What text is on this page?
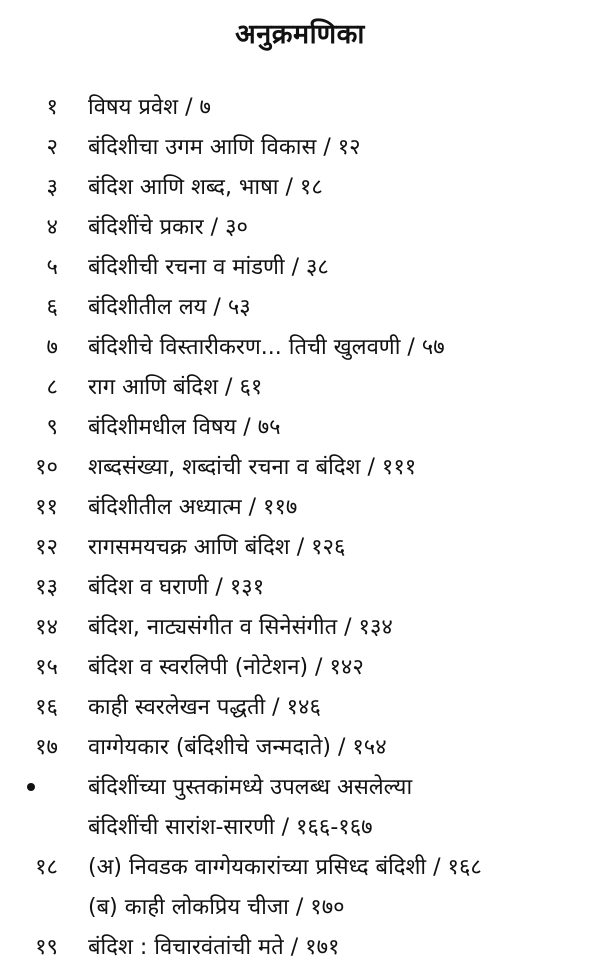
अनुक्रमणिका
१ विषय प्रवेश / ७
२ बंदिशीचा उगम आणि विकास / १२
३ बंदिश आणि शब्द, भाषा / १८
४ बंदिशींचे प्रकार / ३०
५ बंदिशीची रचना व मांडणी / ३८
६ बंदिशीतील लय / ५३
७ बंदिशीचे विस्तारीकरण... तिची खुलवणी / ५७
८ राग आणि बंदिश / ६१
९ बंदिशीमधील विषय / ७५
१० शब्दसंख्या, शब्दांची रचना व बंदिश / १११
११ बंदिशीतील अध्यात्म / ११७
१२ रागसमयचक्र आणि बंदिश / १२६
१३ बंदिश व घराणी / १३१
१४ बंदिश, नाट्यसंगीत व सिनेसंगीत / १३४
१५ बंदिश व स्वरलिपी (नोटेशन) / १४२
१६ काही स्वरलेखन पद्धती / १४६
१७ वाग्गेयकार (बंदिशीचे जन्मदाते) / १५४
बंदिशींच्या पुस्तकांमध्ये उपलब्ध असलेल्या
बंदिशींची सारांश-सारणी / १६६-१६७
१८ (अ) निवडक वाग्गेयकारांच्या प्रसिध्द बंदिशी / १६८
(ब) काही लोकप्रिय चीजा / १७०
१९ बंदिश : विचारवंतांची मते / १७१
